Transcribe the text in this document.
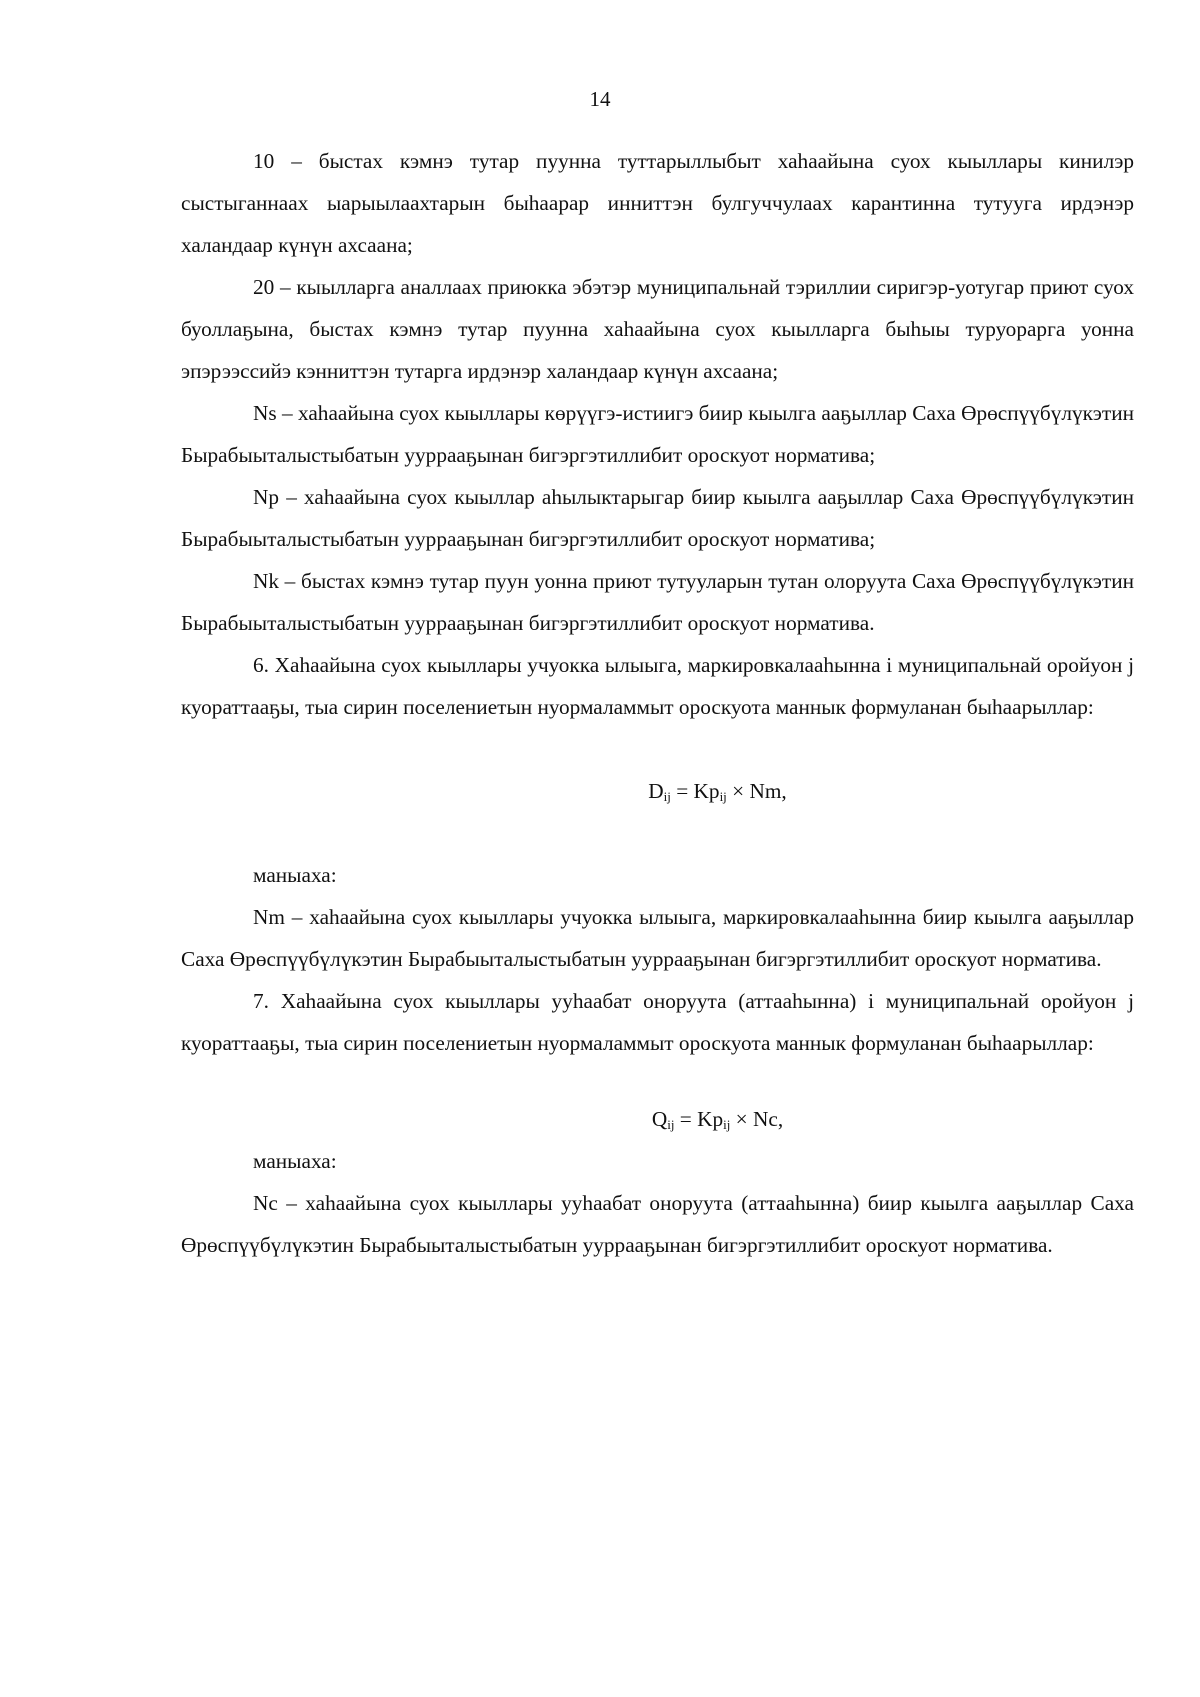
14

10 – быстах кэмнэ тутар пуунна туттарыллыбыт хаhаайына суох кыыллары кинилэр сыстыганнаах ыарыылаахтарын быhаарар инниттэн булгуччулаах карантинна тутууга ирдэнэр халандаар күнүн ахсаана;

20 – кыылларга аналлаах приюкка эбэтэр муниципальнай тэриллии сиригэр-уотугар приют суох буоллаҕына, быстах кэмнэ тутар пуунна хаhаайына суох кыылларга быhыы туруорарга уонна эпэрээссийэ кэнниттэн тутарга ирдэнэр халандаар күнүн ахсаана;

Ns – хаhаайына суох кыыллары көрүүгэ-истиигэ биир кыылга ааҕыллар Саха Өрөспүүбүлүкэтин Бырабыыталыстыбатын ууррааҕынан бигэргэтиллибит ороскуот норматива;

Np – хаhаайына суох кыыллар аhылыктарыгар биир кыылга ааҕыллар Саха Өрөспүүбүлүкэтин Бырабыыталыстыбатын ууррааҕынан бигэргэтиллибит ороскуот норматива;

Nk – быстах кэмнэ тутар пуун уонна приют тутууларын тутан олоруута Саха Өрөспүүбүлүкэтин Бырабыыталыстыбатын ууррааҕынан бигэргэтиллибит ороскуот норматива.

6. Хаhаайына суох кыыллары учуокка ылыыга, маркировкалааhынна i муниципальнай оройуон j куораттааҕы, тыа сирин поселениетын нуормаламмыт ороскуота маннык формуланан быhаарыллар:

$D_{ij} = Kp_{ij} \times Nm$,

маныаха:

Nm – хаhаайына суох кыыллары учуокка ылыыга, маркировкалааhынна биир кыылга ааҕыллар Саха Өрөспүүбүлүкэтин Бырабыыталыстыбатын ууррааҕынан бигэргэтиллибит ороскуот норматива.

7. Хаhаайына суох кыыллары ууhаабат оноруута (аттааhынна) i муниципальнай оройуон j куораттааҕы, тыа сирин поселениетын нуормаламмыт ороскуота маннык формуланан быhаарыллар:

$Q_{ij} = Kp_{ij} \times Nc$,

маныаха:

Nc – хаhаайына суох кыыллары ууhаабат оноруута (аттааhынна) биир кыылга ааҕыллар Саха Өрөспүүбүлүкэтин Бырабыыталыстыбатын ууррааҕынан бигэргэтиллибит ороскуот норматива.
